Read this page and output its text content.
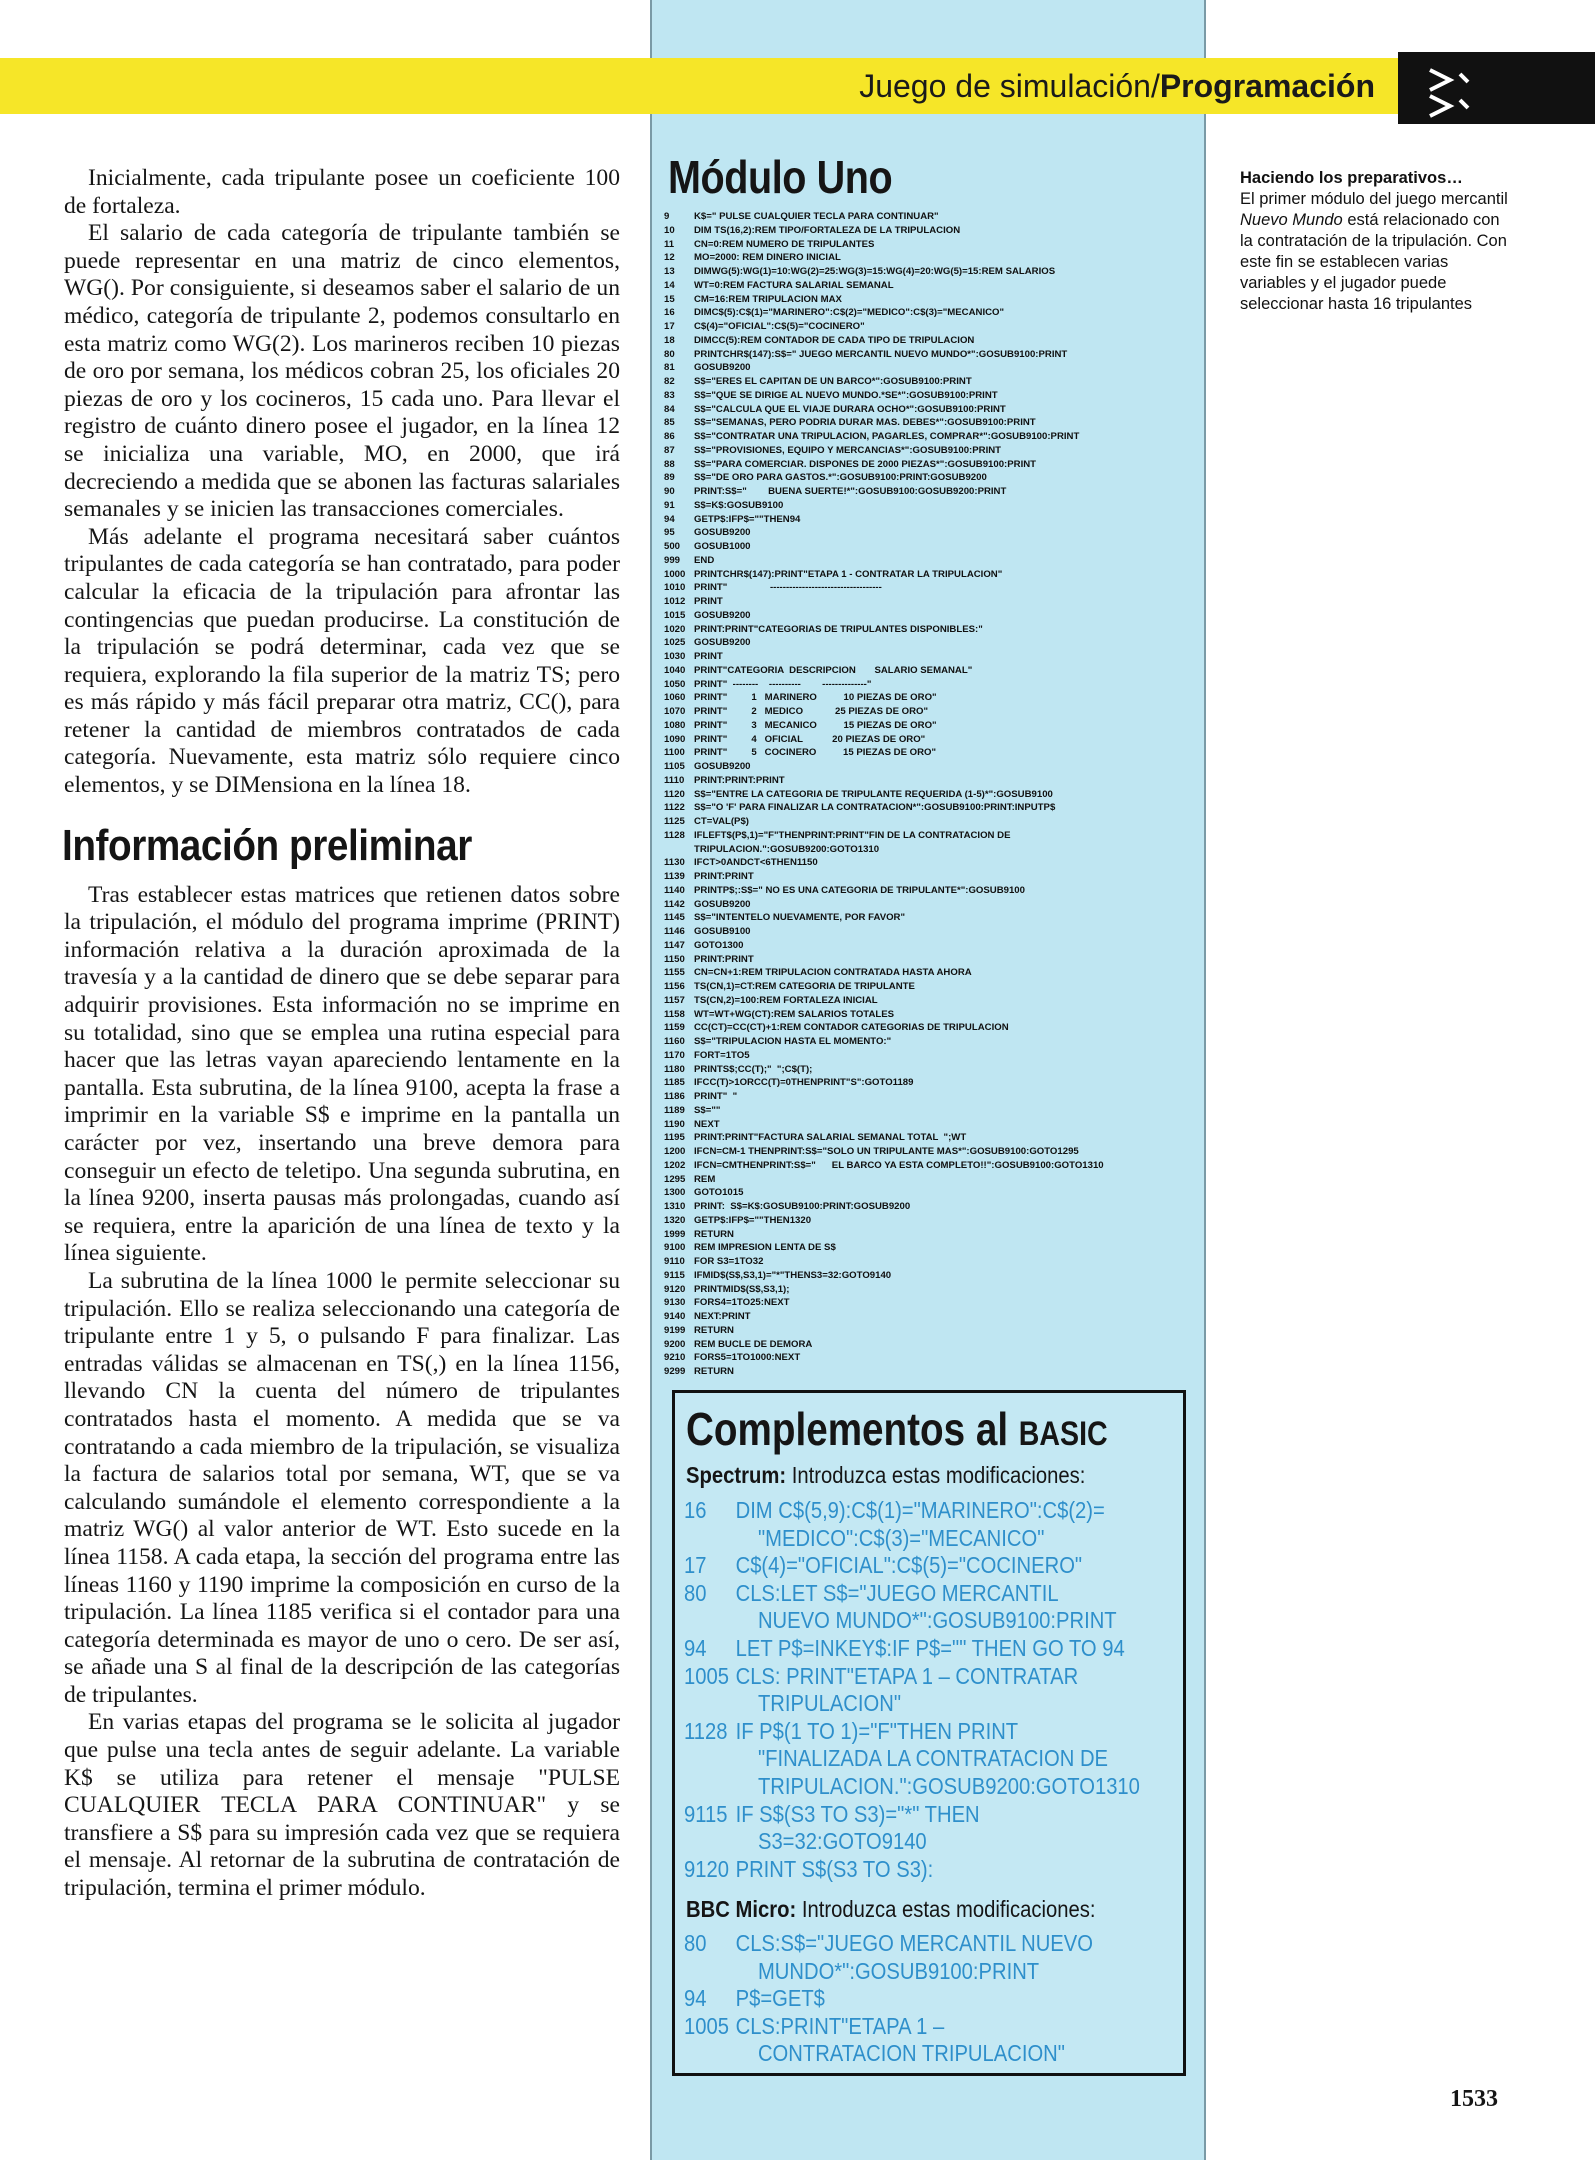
Juego de simulación/Programación

Inicialmente, cada tripulante posee un coeficiente 100 de fortaleza.

El salario de cada categoría de tripulante también se puede representar en una matriz de cinco elementos, WG(). Por consiguiente, si deseamos saber el salario de un médico, categoría de tripulante 2, podemos consultarlo en esta matriz como WG(2). Los marineros reciben 10 piezas de oro por semana, los médicos cobran 25, los oficiales 20 piezas de oro y los cocineros, 15 cada uno. Para llevar el registro de cuánto dinero posee el jugador, en la línea 12 se inicializa una variable, MO, en 2000, que irá decreciendo a medida que se abonen las facturas salariales semanales y se inicien las transacciones comerciales.

Más adelante el programa necesitará saber cuántos tripulantes de cada categoría se han contratado, para poder calcular la eficacia de la tripulación para afrontar las contingencias que puedan producirse. La constitución de la tripulación se podrá determinar, cada vez que se requiera, explorando la fila superior de la matriz TS; pero es más rápido y más fácil preparar otra matriz, CC(), para retener la cantidad de miembros contratados de cada categoría. Nuevamente, esta matriz sólo requiere cinco elementos, y se DIMensiona en la línea 18.

Información preliminar

Tras establecer estas matrices que retienen datos sobre la tripulación, el módulo del programa imprime (PRINT) información relativa a la duración aproximada de la travesía y a la cantidad de dinero que se debe separar para adquirir provisiones. Esta información no se imprime en su totalidad, sino que se emplea una rutina especial para hacer que las letras vayan apareciendo lentamente en la pantalla. Esta subrutina, de la línea 9100, acepta la frase a imprimir en la variable S$ e imprime en la pantalla un carácter por vez, insertando una breve demora para conseguir un efecto de teletipo. Una segunda subrutina, en la línea 9200, inserta pausas más prolongadas, cuando así se requiera, entre la aparición de una línea de texto y la línea siguiente.

La subrutina de la línea 1000 le permite seleccionar su tripulación. Ello se realiza seleccionando una categoría de tripulante entre 1 y 5, o pulsando F para finalizar. Las entradas válidas se almacenan en TS(,) en la línea 1156, llevando CN la cuenta del número de tripulantes contratados hasta el momento. A medida que se va contratando a cada miembro de la tripulación, se visualiza la factura de salarios total por semana, WT, que se va calculando sumándole el elemento correspondiente a la matriz WG() al valor anterior de WT. Esto sucede en la línea 1158. A cada etapa, la sección del programa entre las líneas 1160 y 1190 imprime la composición en curso de la tripulación. La línea 1185 verifica si el contador para una categoría determinada es mayor de uno o cero. De ser así, se añade una S al final de la descripción de las categorías de tripulantes.

En varias etapas del programa se le solicita al jugador que pulse una tecla antes de seguir adelante. La variable K$ se utiliza para retener el mensaje "PULSE CUALQUIER TECLA PARA CONTINUAR" y se transfiere a S$ para su impresión cada vez que se requiera el mensaje. Al retornar de la subrutina de contratación de tripulación, termina el primer módulo.

Módulo Uno
9	K$=" PULSE CUALQUIER TECLA PARA CONTINUAR"
10 DIM TS(16,2):REM TIPO/FORTALEZA DE LA TRIPULACION
11 CN=0:REM NUMERO DE TRIPULANTES
12 MO=2000: REM DINERO INICIAL
13 DIMWG(5):WG(1)=10:WG(2)=25:WG(3)=15:WG(4)=20:WG(5)=15:REM SALARIOS
14 WT=0:REM FACTURA SALARIAL SEMANAL
15 CM=16:REM TRIPULACION MAX
16 DIMC$(5):C$(1)="MARINERO":C$(2)="MEDICO":C$(3)="MECANICO"
17 C$(4)="OFICIAL":C$(5)="COCINERO"
18 DIMCC(5):REM CONTADOR DE CADA TIPO DE TRIPULACION
80 PRINTCHR$(147):S$=" JUEGO MERCANTIL NUEVO MUNDO*":GOSUB9100:PRINT
81 GOSUB9200
82 S$="ERES EL CAPITAN DE UN BARCO*":GOSUB9100:PRINT
83 S$="QUE SE DIRIGE AL NUEVO MUNDO.*SE*":GOSUB9100:PRINT
84 S$="CALCULA QUE EL VIAJE DURARA OCHO*":GOSUB9100:PRINT
85 S$="SEMANAS, PERO PODRIA DURAR MAS. DEBES*":GOSUB9100:PRINT
86 S$="CONTRATAR UNA TRIPULACION, PAGARLES, COMPRAR*":GOSUB9100:PRINT
87 S$="PROVISIONES, EQUIPO Y MERCANCIAS*":GOSUB9100:PRINT
88 S$="PARA COMERCIAR. DISPONES DE 2000 PIEZAS*":GOSUB9100:PRINT
89 S$="DE ORO PARA GASTOS.*":GOSUB9100:PRINT:GOSUB9200
90 PRINT:S$="        BUENA SUERTE!*":GOSUB9100:GOSUB9200:PRINT
91 S$=K$:GOSUB9100
94 GETP$:IFP$=""THEN94
95 GOSUB9200
500 GOSUB1000
999 END
1000 PRINTCHR$(147):PRINT"ETAPA 1 - CONTRATAR LA TRIPULACION"
1010 PRINT"                -----------------------------------
1012 PRINT
1015 GOSUB9200
1020 PRINT:PRINT"CATEGORIAS DE TRIPULANTES DISPONIBLES:"
1025 GOSUB9200
1030 PRINT
1040 PRINT"CATEGORIA  DESCRIPCION       SALARIO SEMANAL"
1050 PRINT"  --------    ----------        --------------"
1060 PRINT"         1   MARINERO          10 PIEZAS DE ORO"
1070 PRINT"         2   MEDICO            25 PIEZAS DE ORO"
1080 PRINT"         3   MECANICO          15 PIEZAS DE ORO"
1090 PRINT"         4   OFICIAL           20 PIEZAS DE ORO"
1100 PRINT"         5   COCINERO          15 PIEZAS DE ORO"
1105 GOSUB9200
1110 PRINT:PRINT:PRINT
1120 S$="ENTRE LA CATEGORIA DE TRIPULANTE REQUERIDA (1-5)*":GOSUB9100
1122 S$="O 'F' PARA FINALIZAR LA CONTRATACION*":GOSUB9100:PRINT:INPUTP$
1125 CT=VAL(P$)
1128 IFLEFT$(P$,1)="F"THENPRINT:PRINT"FIN DE LA CONTRATACION DE
TRIPULACION.":GOSUB9200:GOTO1310
1130 IFCT>0ANDCT<6THEN1150
1139 PRINT:PRINT
1140 PRINTP$;:S$=" NO ES UNA CATEGORIA DE TRIPULANTE*":GOSUB9100
1142 GOSUB9200
1145 S$="INTENTELO NUEVAMENTE, POR FAVOR"
1146 GOSUB9100
1147 GOTO1300
1150 PRINT:PRINT
1155 CN=CN+1:REM TRIPULACION CONTRATADA HASTA AHORA
1156 TS(CN,1)=CT:REM CATEGORIA DE TRIPULANTE
1157 TS(CN,2)=100:REM FORTALEZA INICIAL
1158 WT=WT+WG(CT):REM SALARIOS TOTALES
1159 CC(CT)=CC(CT)+1:REM CONTADOR CATEGORIAS DE TRIPULACION
1160 S$="TRIPULACION HASTA EL MOMENTO:"
1170 FORT=1TO5
1180 PRINTS$;CC(T);"  ";C$(T);
1185 IFCC(T)>1ORCC(T)=0THENPRINT"S":GOTO1189
1186 PRINT"  "
1189 S$=""
1190 NEXT
1195 PRINT:PRINT"FACTURA SALARIAL SEMANAL TOTAL  ";WT
1200 IFCN=CM-1 THENPRINT:S$="SOLO UN TRIPULANTE MAS*":GOSUB9100:GOTO1295
1202 IFCN=CMTHENPRINT:S$="      EL BARCO YA ESTA COMPLETO!!":GOSUB9100:GOTO1310
1295 REM
1300 GOTO1015
1310 PRINT:  S$=K$:GOSUB9100:PRINT:GOSUB9200
1320 GETP$:IFP$=""THEN1320
1999 RETURN
9100 REM IMPRESION LENTA DE S$
9110 FOR S3=1TO32
9115 IFMID$(S$,S3,1)="*"THENS3=32:GOTO9140
9120 PRINTMID$(S$,S3,1);
9130 FORS4=1TO25:NEXT
9140 NEXT:PRINT
9199 RETURN
9200 REM BUCLE DE DEMORA
9210 FORS5=1TO1000:NEXT
9299 RETURN
Haciendo los preparativos…
El primer módulo del juego mercantil Nuevo Mundo está relacionado con la contratación de la tripulación. Con este fin se establecen varias variables y el jugador puede seleccionar hasta 16 tripulantes
Complementos al BASIC
Spectrum: Introduzca estas modificaciones:
16 DIM C$(5,9):C$(1)="MARINERO":C$(2)=
"MEDICO":C$(3)="MECANICO"
17 C$(4)="OFICIAL":C$(5)="COCINERO"
80 CLS:LET S$="JUEGO MERCANTIL
NUEVO MUNDO*":GOSUB9100:PRINT
94 LET P$=INKEY$:IF P$="" THEN GO TO 94
1005 CLS: PRINT"ETAPA 1 – CONTRATAR
TRIPULACION"
1128 IF P$(1 TO 1)="F"THEN PRINT
"FINALIZADA LA CONTRATACION DE
TRIPULACION.":GOSUB9200:GOTO1310
9115 IF S$(S3 TO S3)="*" THEN
S3=32:GOTO9140
9120 PRINT S$(S3 TO S3):
BBC Micro: Introduzca estas modificaciones:
80 CLS:S$="JUEGO MERCANTIL NUEVO
MUNDO*":GOSUB9100:PRINT
94 P$=GET$
1005 CLS:PRINT"ETAPA 1 –
CONTRATACION TRIPULACION"
1533
